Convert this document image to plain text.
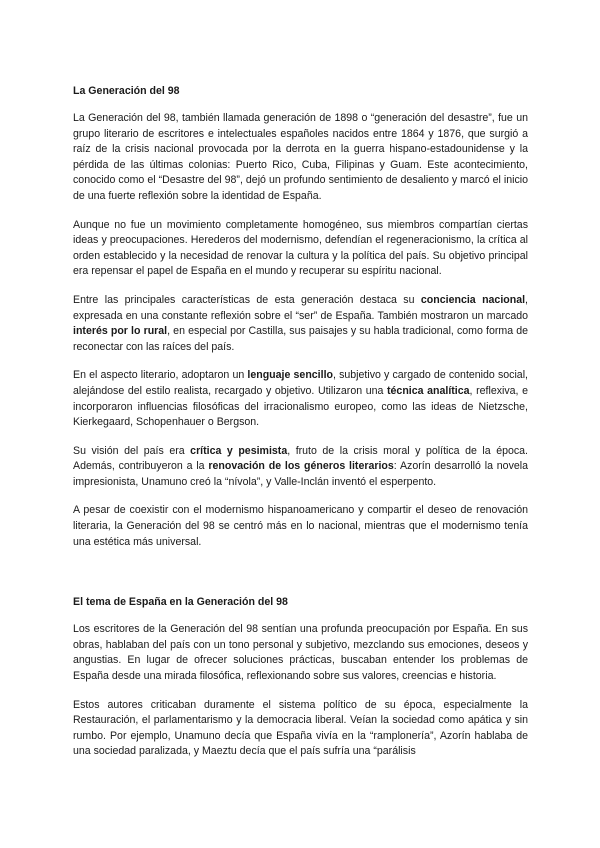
La Generación del 98

La Generación del 98, también llamada generación de 1898 o “generación del desastre”, fue un grupo literario de escritores e intelectuales españoles nacidos entre 1864 y 1876, que surgió a raíz de la crisis nacional provocada por la derrota en la guerra hispano-estadounidense y la pérdida de las últimas colonias: Puerto Rico, Cuba, Filipinas y Guam. Este acontecimiento, conocido como el “Desastre del 98”, dejó un profundo sentimiento de desaliento y marcó el inicio de una fuerte reflexión sobre la identidad de España.

Aunque no fue un movimiento completamente homogéneo, sus miembros compartían ciertas ideas y preocupaciones. Herederos del modernismo, defendían el regeneracionismo, la crítica al orden establecido y la necesidad de renovar la cultura y la política del país. Su objetivo principal era repensar el papel de España en el mundo y recuperar su espíritu nacional.

Entre las principales características de esta generación destaca su conciencia nacional, expresada en una constante reflexión sobre el “ser” de España. También mostraron un marcado interés por lo rural, en especial por Castilla, sus paisajes y su habla tradicional, como forma de reconectar con las raíces del país.

En el aspecto literario, adoptaron un lenguaje sencillo, subjetivo y cargado de contenido social, alejándose del estilo realista, recargado y objetivo. Utilizaron una técnica analítica, reflexiva, e incorporaron influencias filosóficas del irracionalismo europeo, como las ideas de Nietzsche, Kierkegaard, Schopenhauer o Bergson.

Su visión del país era crítica y pesimista, fruto de la crisis moral y política de la época. Además, contribuyeron a la renovación de los géneros literarios: Azorín desarrolló la novela impresionista, Unamuno creó la “nívola”, y Valle-Inclán inventó el esperpento.

A pesar de coexistir con el modernismo hispanoamericano y compartir el deseo de renovación literaria, la Generación del 98 se centró más en lo nacional, mientras que el modernismo tenía una estética más universal.

El tema de España en la Generación del 98

Los escritores de la Generación del 98 sentían una profunda preocupación por España. En sus obras, hablaban del país con un tono personal y subjetivo, mezclando sus emociones, deseos y angustias. En lugar de ofrecer soluciones prácticas, buscaban entender los problemas de España desde una mirada filosófica, reflexionando sobre sus valores, creencias e historia.

Estos autores criticaban duramente el sistema político de su época, especialmente la Restauración, el parlamentarismo y la democracia liberal. Veían la sociedad como apática y sin rumbo. Por ejemplo, Unamuno decía que España vivía en la “ramplonería”, Azorín hablaba de una sociedad paralizada, y Maeztu decía que el país sufría una “parálisis
